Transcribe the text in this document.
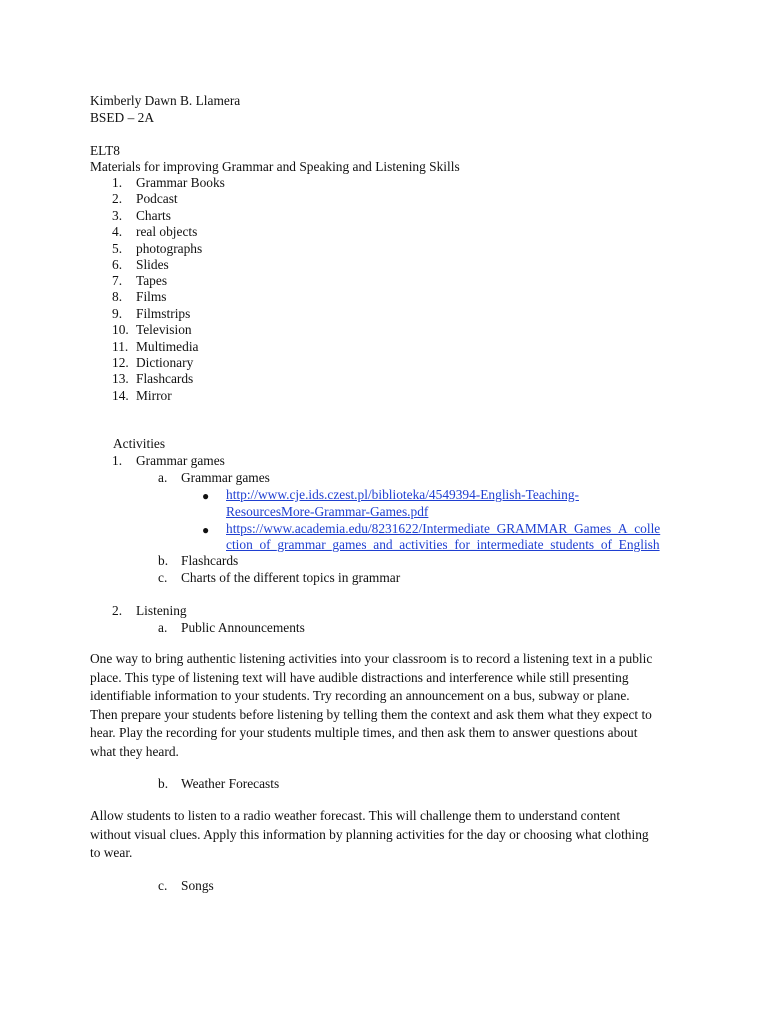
Kimberly Dawn B. Llamera
BSED – 2A
ELT8
Materials for improving Grammar and Speaking and Listening Skills
1. Grammar Books
2. Podcast
3. Charts
4. real objects
5. photographs
6. Slides
7. Tapes
8. Films
9. Filmstrips
10. Television
11. Multimedia
12. Dictionary
13. Flashcards
14. Mirror
Activities
1. Grammar games
a. Grammar games
● http://www.cje.ids.czest.pl/biblioteka/4549394-English-Teaching-
ResourcesMore-Grammar-Games.pdf
● https://www.academia.edu/8231622/Intermediate_GRAMMAR_Games_A_colle
ction_of_grammar_games_and_activities_for_intermediate_students_of_English
b. Flashcards
c. Charts of the different topics in grammar
2. Listening
a. Public Announcements
One way to bring authentic listening activities into your classroom is to record a listening text in a public
place. This type of listening text will have audible distractions and interference while still presenting
identifiable information to your students. Try recording an announcement on a bus, subway or plane.
Then prepare your students before listening by telling them the context and ask them what they expect to
hear. Play the recording for your students multiple times, and then ask them to answer questions about
what they heard.
b. Weather Forecasts
Allow students to listen to a radio weather forecast. This will challenge them to understand content
without visual clues. Apply this information by planning activities for the day or choosing what clothing
to wear.
c. Songs
